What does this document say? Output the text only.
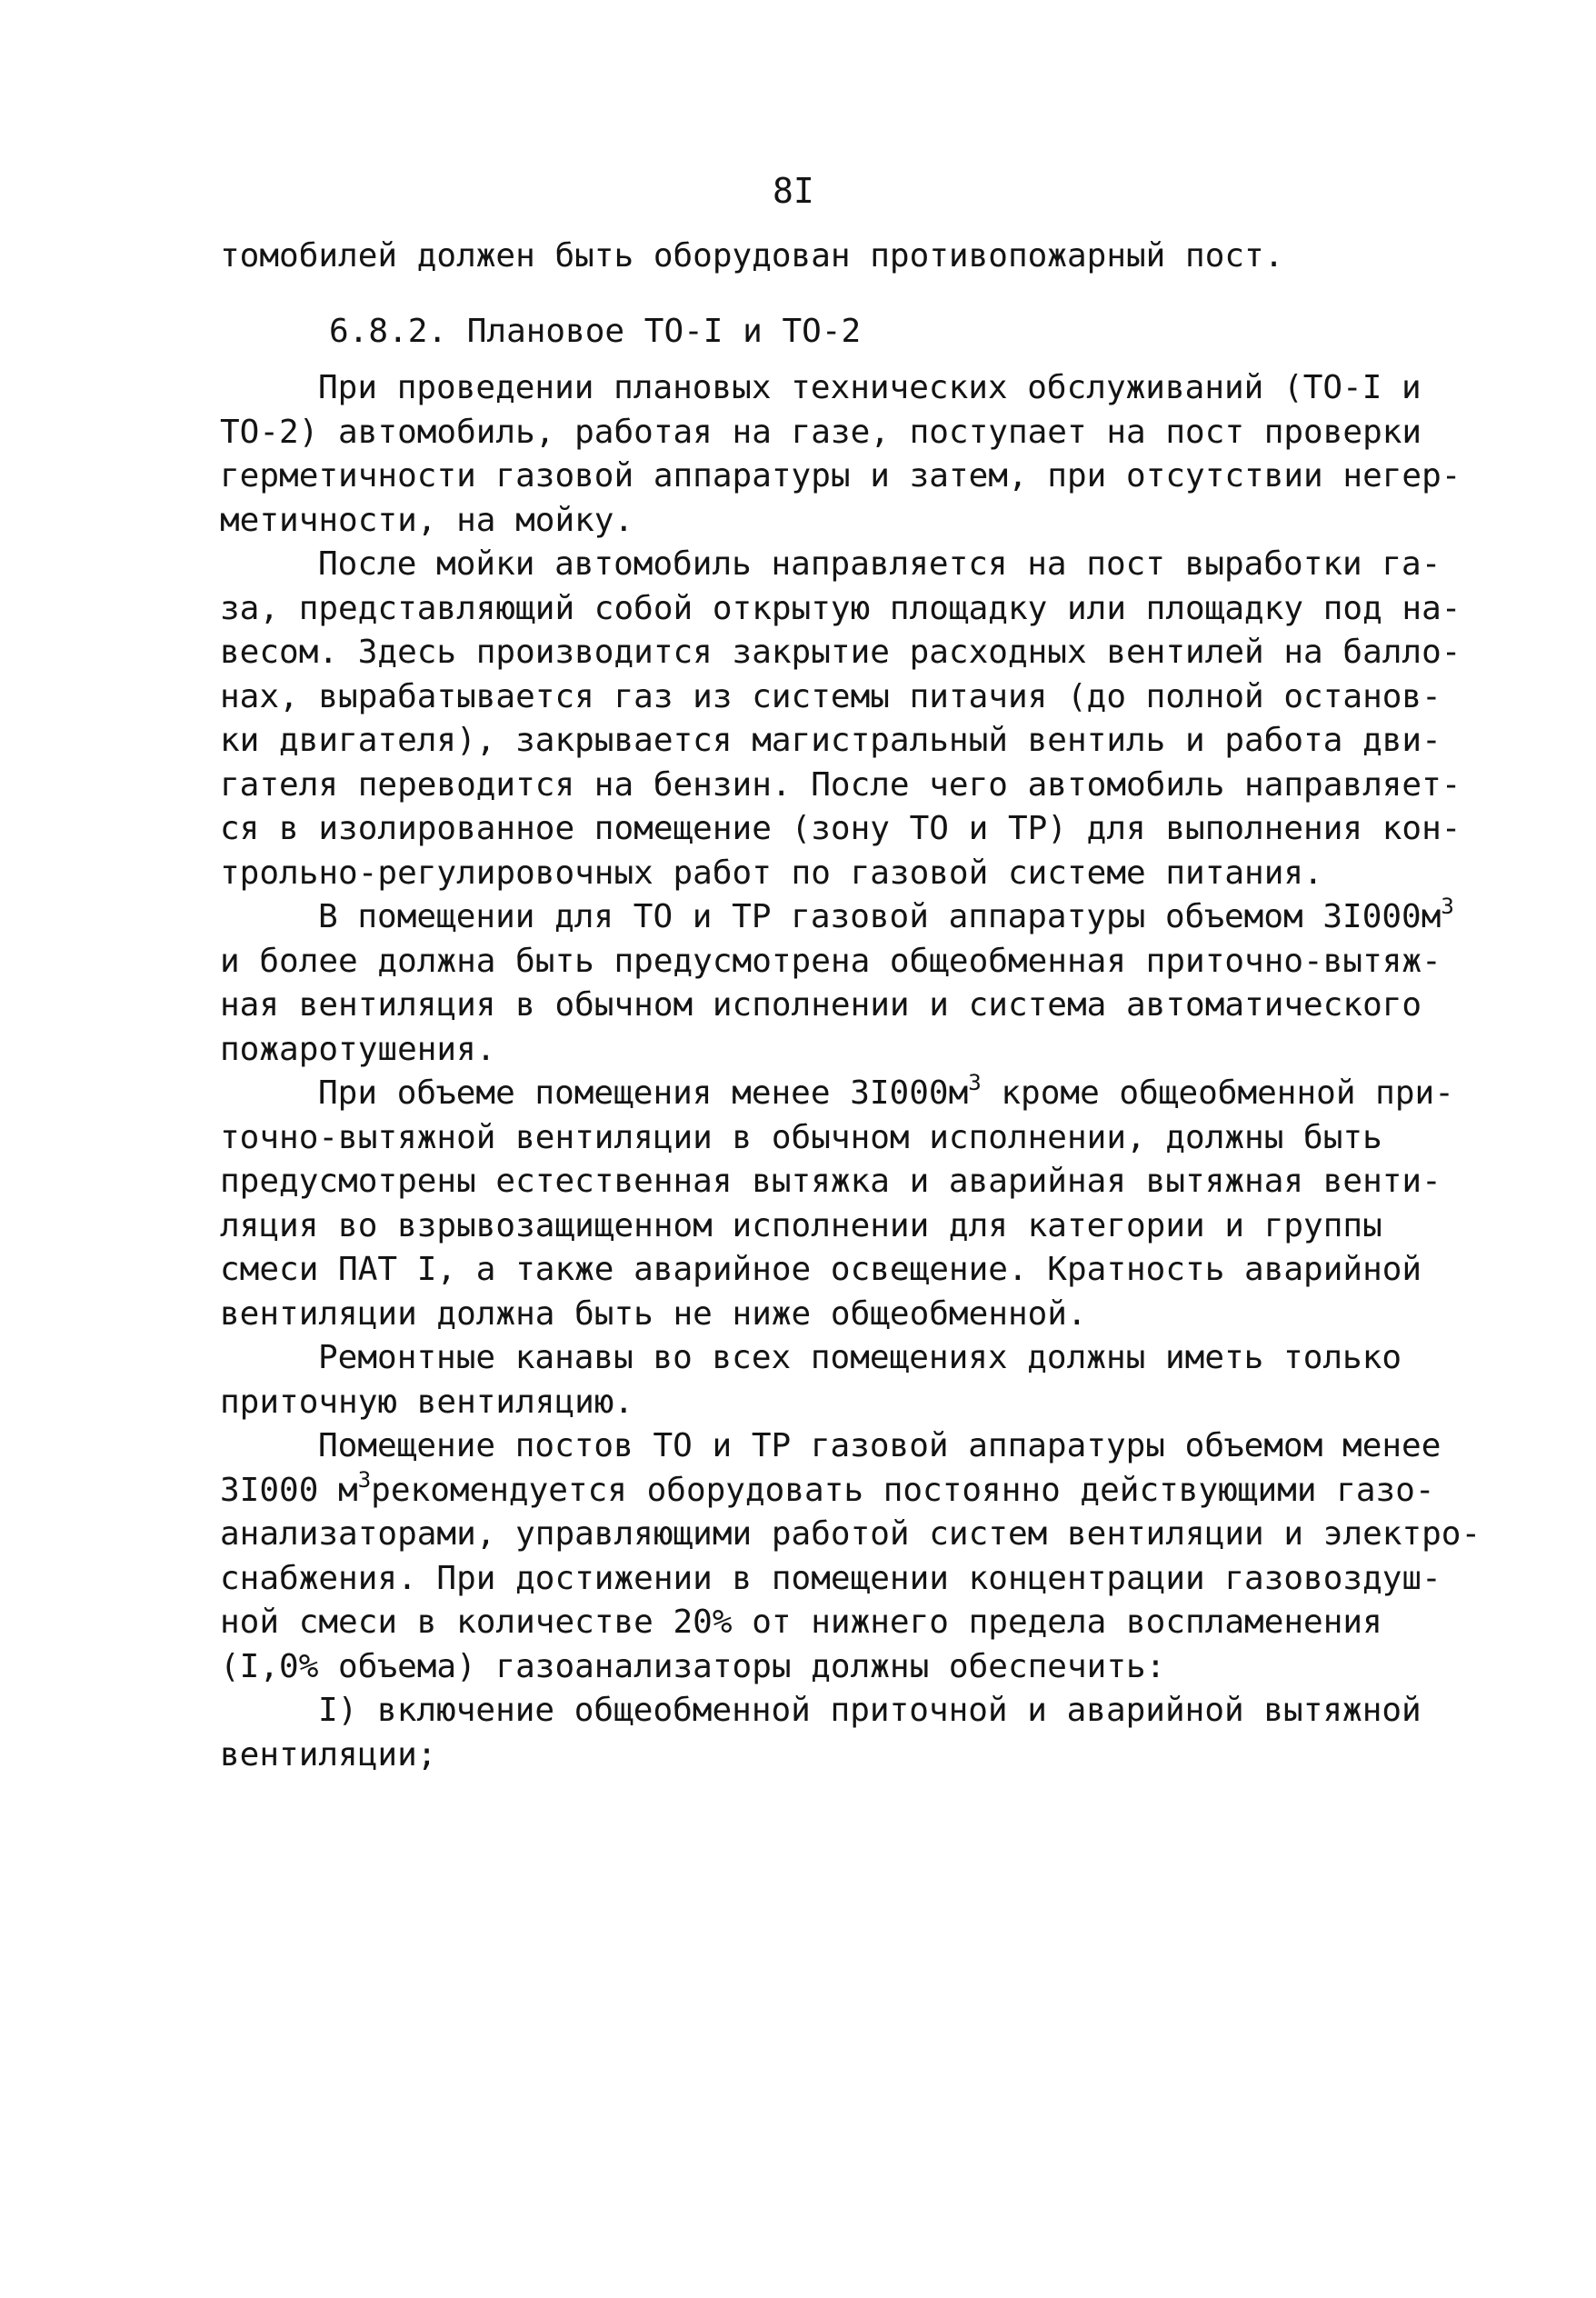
8I
томобилей должен быть оборудован противопожарный пост.
6.8.2. Плановое ТО-I и ТО-2
При проведении плановых технических обслуживаний (ТО-I и
ТО-2) автомобиль, работая на газе, поступает на пост проверки
герметичности газовой аппаратуры и затем, при отсутствии негер-
метичности, на мойку.
После мойки автомобиль направляется на пост выработки га-
за, представляющий собой открытую площадку или площадку под на-
весом. Здесь производится закрытие расходных вентилей на балло-
нах, вырабатывается газ из системы питачия (до полной останов-
ки двигателя), закрывается магистральный вентиль и работа дви-
гателя переводится на бензин. После чего автомобиль направляет-
ся в изолированное помещение (зону ТО и ТР) для выполнения кон-
трольно-регулировочных работ по газовой системе питания.
В помещении для ТО и ТР газовой аппаратуры объемом $3I000м^3$
и более должна быть предусмотрена общеобменная приточно-вытяж-
ная вентиляция в обычном исполнении и система автоматического
пожаротушения.
При объеме помещения менее $3I000м^3$ кроме общеобменной при-
точно-вытяжной вентиляции в обычном исполнении, должны быть
предусмотрены естественная вытяжка и аварийная вытяжная венти-
ляция во взрывозащищенном исполнении для категории и группы
смеси ПАТ I, а также аварийное освещение. Кратность аварийной
вентиляции должна быть не ниже общеобменной.
Ремонтные канавы во всех помещениях должны иметь только
приточную вентиляцию.
Помещение постов ТО и ТР газовой аппаратуры объемом менее
3I000 $м^3рекомендуется$ оборудовать постоянно действующими газо-
анализаторами, управляющими работой систем вентиляции и электро-
снабжения. При достижении в помещении концентрации газовоздуш-
ной смеси в количестве 20% от нижнего предела воспламенения
(I,0% объема) газоанализаторы должны обеспечить:
I) включение общеобменной приточной и аварийной вытяжной
вентиляции;
